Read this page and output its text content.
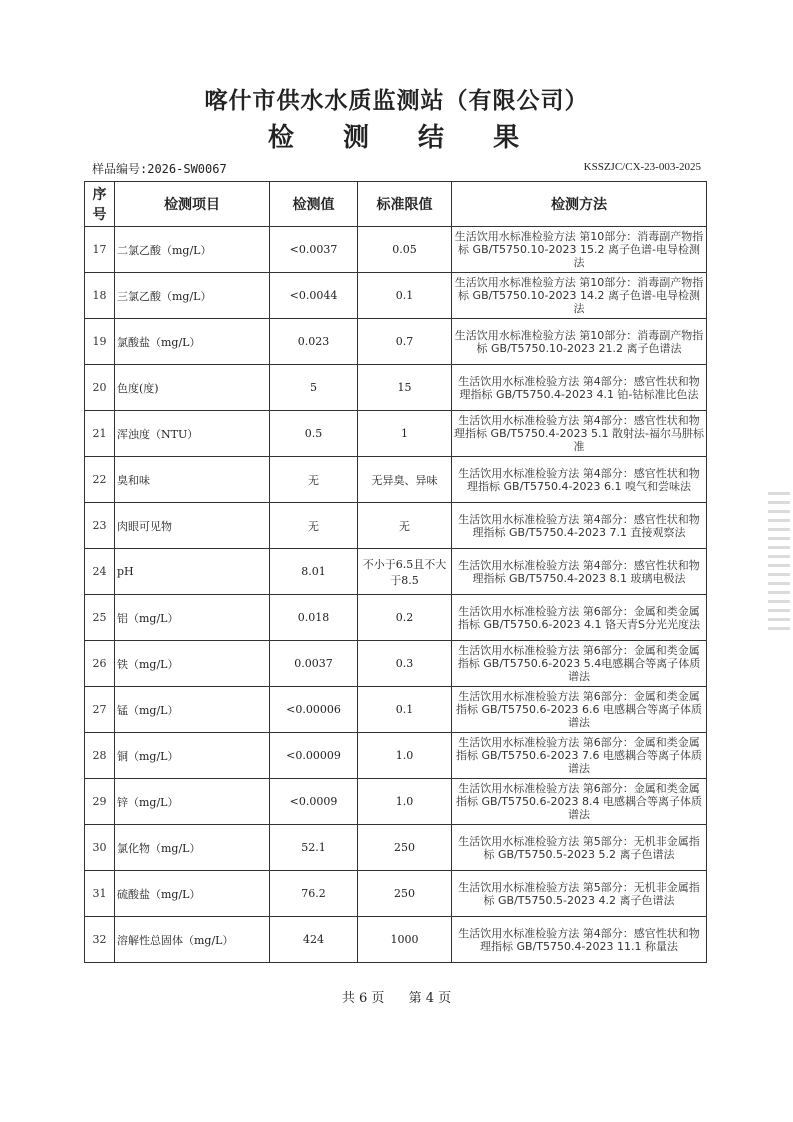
喀什市供水水质监测站（有限公司）
检 测 结 果
样品编号:2026-SW0067	KSSZJC/CX-23-003-2025
序号	检测项目	检测值	标准限值	检测方法
17	二氯乙酸（mg/L）	<0.0037	0.05	生活饮用水标准检验方法 第10部分：消毒副产物指标 GB/T5750.10-2023 15.2 离子色谱-电导检测法
18	三氯乙酸（mg/L）	<0.0044	0.1	生活饮用水标准检验方法 第10部分：消毒副产物指标 GB/T5750.10-2023 14.2 离子色谱-电导检测法
19	氯酸盐（mg/L）	0.023	0.7	生活饮用水标准检验方法 第10部分：消毒副产物指标 GB/T5750.10-2023 21.2 离子色谱法
20	色度(度)	5	15	生活饮用水标准检验方法 第4部分：感官性状和物理指标 GB/T5750.4-2023 4.1 铂-钴标准比色法
21	浑浊度（NTU）	0.5	1	生活饮用水标准检验方法 第4部分：感官性状和物理指标 GB/T5750.4-2023 5.1 散射法-福尔马肼标准
22	臭和味	无	无异臭、异味	生活饮用水标准检验方法 第4部分：感官性状和物理指标 GB/T5750.4-2023 6.1 嗅气和尝味法
23	肉眼可见物	无	无	生活饮用水标准检验方法 第4部分：感官性状和物理指标 GB/T5750.4-2023 7.1 直接观察法
24	pH	8.01	不小于6.5且不大于8.5	生活饮用水标准检验方法 第4部分：感官性状和物理指标 GB/T5750.4-2023 8.1 玻璃电极法
25	铝（mg/L）	0.018	0.2	生活饮用水标准检验方法 第6部分：金属和类金属指标 GB/T5750.6-2023 4.1 铬天青S分光光度法
26	铁（mg/L）	0.0037	0.3	生活饮用水标准检验方法 第6部分：金属和类金属指标 GB/T5750.6-2023 5.4电感耦合等离子体质谱法
27	锰（mg/L）	<0.00006	0.1	生活饮用水标准检验方法 第6部分：金属和类金属指标 GB/T5750.6-2023 6.6 电感耦合等离子体质谱法
28	铜（mg/L）	<0.00009	1.0	生活饮用水标准检验方法 第6部分：金属和类金属指标 GB/T5750.6-2023 7.6 电感耦合等离子体质谱法
29	锌（mg/L）	<0.0009	1.0	生活饮用水标准检验方法 第6部分：金属和类金属指标 GB/T5750.6-2023 8.4 电感耦合等离子体质谱法
30	氯化物（mg/L）	52.1	250	生活饮用水标准检验方法 第5部分：无机非金属指标 GB/T5750.5-2023 5.2 离子色谱法
31	硫酸盐（mg/L）	76.2	250	生活饮用水标准检验方法 第5部分：无机非金属指标 GB/T5750.5-2023 4.2 离子色谱法
32	溶解性总固体（mg/L）	424	1000	生活饮用水标准检验方法 第4部分：感官性状和物理指标 GB/T5750.4-2023 11.1 称量法
共 6 页 第 4 页
